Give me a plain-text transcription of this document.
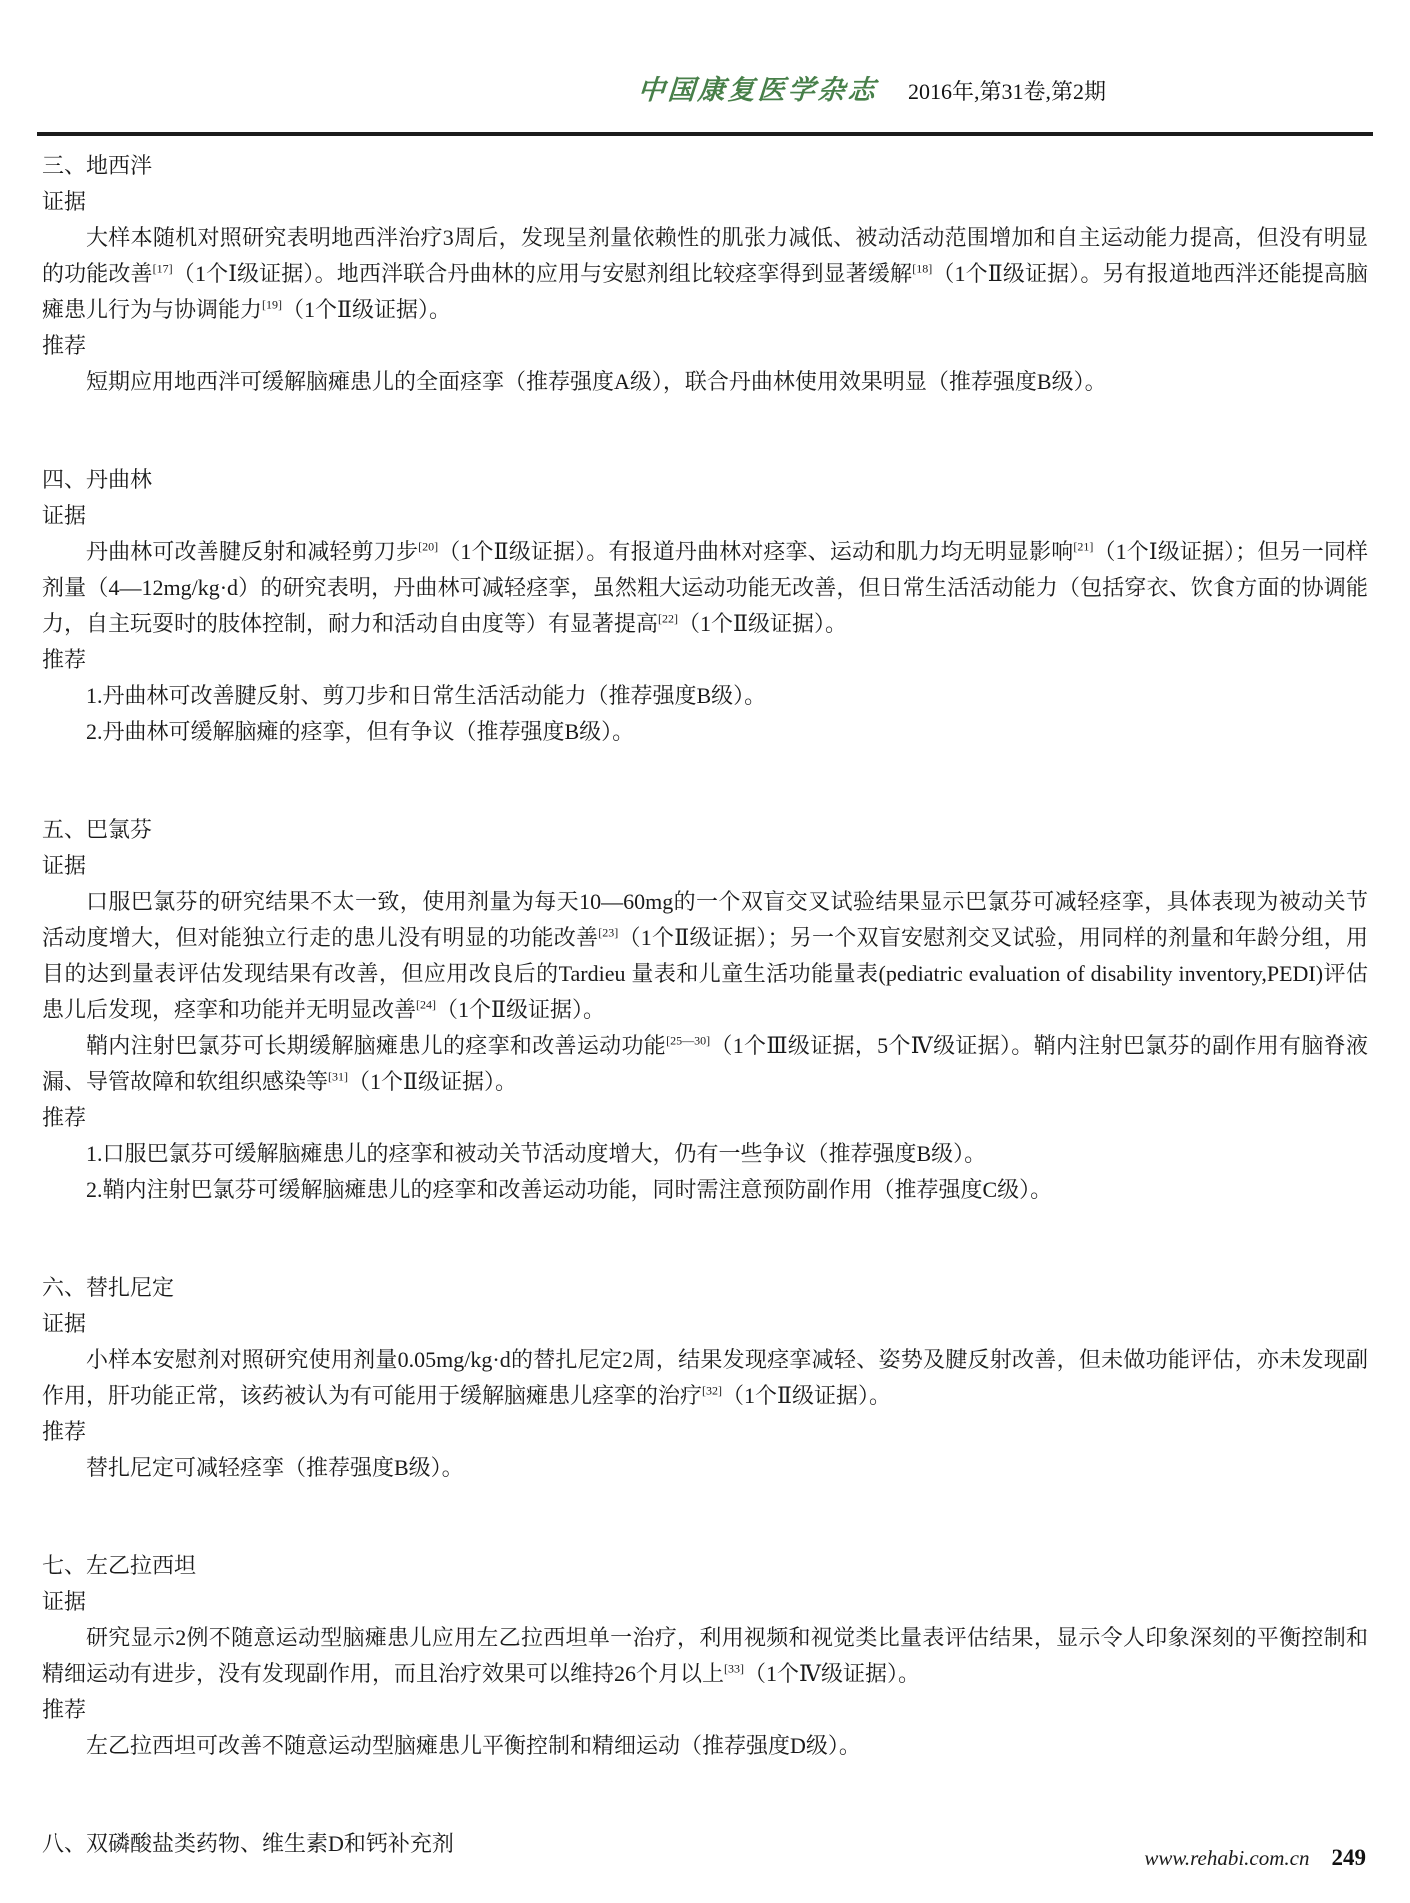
中国康复医学杂志 2016年,第31卷,第2期
三、地西泮
证据

大样本随机对照研究表明地西泮治疗3周后，发现呈剂量依赖性的肌张力减低、被动活动范围增加和自主运动能力提高，但没有明显的功能改善[17]（1个Ⅰ级证据）。地西泮联合丹曲林的应用与安慰剂组比较痉挛得到显著缓解[18]（1个Ⅱ级证据）。另有报道地西泮还能提高脑瘫患儿行为与协调能力[19]（1个Ⅱ级证据）。

推荐

短期应用地西泮可缓解脑瘫患儿的全面痉挛（推荐强度A级），联合丹曲林使用效果明显（推荐强度B级）。

四、丹曲林
证据

丹曲林可改善腱反射和减轻剪刀步[20]（1个Ⅱ级证据）。有报道丹曲林对痉挛、运动和肌力均无明显影响[21]（1个Ⅰ级证据）；但另一同样剂量（4—12mg/kg·d）的研究表明，丹曲林可减轻痉挛，虽然粗大运动功能无改善，但日常生活活动能力（包括穿衣、饮食方面的协调能力，自主玩耍时的肢体控制，耐力和活动自由度等）有显著提高[22]（1个Ⅱ级证据）。

推荐

1.丹曲林可改善腱反射、剪刀步和日常生活活动能力（推荐强度B级）。

2.丹曲林可缓解脑瘫的痉挛，但有争议（推荐强度B级）。

五、巴氯芬
证据

口服巴氯芬的研究结果不太一致，使用剂量为每天10—60mg的一个双盲交叉试验结果显示巴氯芬可减轻痉挛，具体表现为被动关节活动度增大，但对能独立行走的患儿没有明显的功能改善[23]（1个Ⅱ级证据）；另一个双盲安慰剂交叉试验，用同样的剂量和年龄分组，用目的达到量表评估发现结果有改善，但应用改良后的Tardieu 量表和儿童生活功能量表(pediatric evaluation of disability inventory,PEDI)评估患儿后发现，痉挛和功能并无明显改善[24]（1个Ⅱ级证据）。

鞘内注射巴氯芬可长期缓解脑瘫患儿的痉挛和改善运动功能[25—30]（1个Ⅲ级证据，5个Ⅳ级证据）。鞘内注射巴氯芬的副作用有脑脊液漏、导管故障和软组织感染等[31]（1个Ⅱ级证据）。

推荐

1.口服巴氯芬可缓解脑瘫患儿的痉挛和被动关节活动度增大，仍有一些争议（推荐强度B级）。

2.鞘内注射巴氯芬可缓解脑瘫患儿的痉挛和改善运动功能，同时需注意预防副作用（推荐强度C级）。

六、替扎尼定
证据

小样本安慰剂对照研究使用剂量0.05mg/kg·d的替扎尼定2周，结果发现痉挛减轻、姿势及腱反射改善，但未做功能评估，亦未发现副作用，肝功能正常，该药被认为有可能用于缓解脑瘫患儿痉挛的治疗[32]（1个Ⅱ级证据）。

推荐

替扎尼定可减轻痉挛（推荐强度B级）。

七、左乙拉西坦
证据

研究显示2例不随意运动型脑瘫患儿应用左乙拉西坦单一治疗，利用视频和视觉类比量表评估结果，显示令人印象深刻的平衡控制和精细运动有进步，没有发现副作用，而且治疗效果可以维持26个月以上[33]（1个Ⅳ级证据）。

推荐

左乙拉西坦可改善不随意运动型脑瘫患儿平衡控制和精细运动（推荐强度D级）。

八、双磷酸盐类药物、维生素D和钙补充剂
www.rehabi.com.cn 249
